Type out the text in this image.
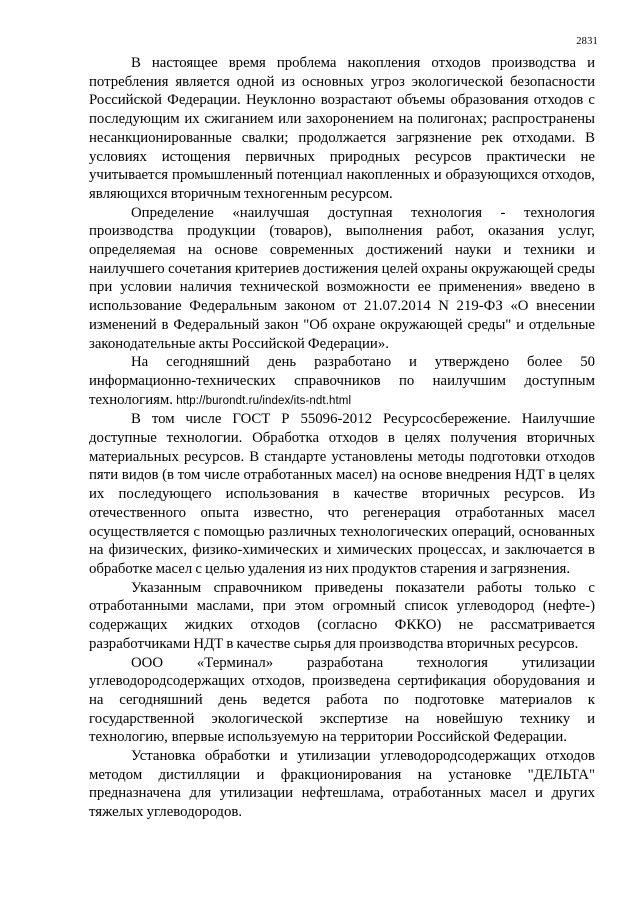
2831

В настоящее время проблема накопления отходов производства и потребления является одной из основных угроз экологической безопасности Российской Федерации. Неуклонно возрастают объемы образования отходов с последующим их сжиганием или захоронением на полигонах; распространены несанкционированные свалки; продолжается загрязнение рек отходами. В условиях истощения первичных природных ресурсов практически не учитывается промышленный потенциал накопленных и образующихся отходов, являющихся вторичным техногенным ресурсом.

Определение «наилучшая доступная технология - технология производства продукции (товаров), выполнения работ, оказания услуг, определяемая на основе современных достижений науки и техники и наилучшего сочетания критериев достижения целей охраны окружающей среды при условии наличия технической возможности ее применения» введено в использование Федеральным законом от 21.07.2014 N 219-ФЗ «О внесении изменений в Федеральный закон "Об охране окружающей среды" и отдельные законодательные акты Российской Федерации».

На сегодняшний день разработано и утверждено более 50 информационно-технических справочников по наилучшим доступным технологиям. http://burondt.ru/index/its-ndt.html

В том числе ГОСТ Р 55096-2012 Ресурсосбережение. Наилучшие доступные технологии. Обработка отходов в целях получения вторичных материальных ресурсов. В стандарте установлены методы подготовки отходов пяти видов (в том числе отработанных масел) на основе внедрения НДТ в целях их последующего использования в качестве вторичных ресурсов. Из отечественного опыта известно, что регенерация отработанных масел осуществляется с помощью различных технологических операций, основанных на физических, физико-химических и химических процессах, и заключается в обработке масел с целью удаления из них продуктов старения и загрязнения.

Указанным справочником приведены показатели работы только с отработанными маслами, при этом огромный список углеводород (нефте-) содержащих жидких отходов (согласно ФККО) не рассматривается разработчиками НДТ в качестве сырья для производства вторичных ресурсов.

ООО «Терминал» разработана технология утилизации углеводородсодержащих отходов, произведена сертификация оборудования и на сегодняшний день ведется работа по подготовке материалов к государственной экологической экспертизе на новейшую технику и технологию, впервые используемую на территории Российской Федерации.

Установка обработки и утилизации углеводородсодержащих отходов методом дистилляции и фракционирования на установке "ДЕЛЬТА" предназначена для утилизации нефтешлама, отработанных масел и других тяжелых углеводородов.
